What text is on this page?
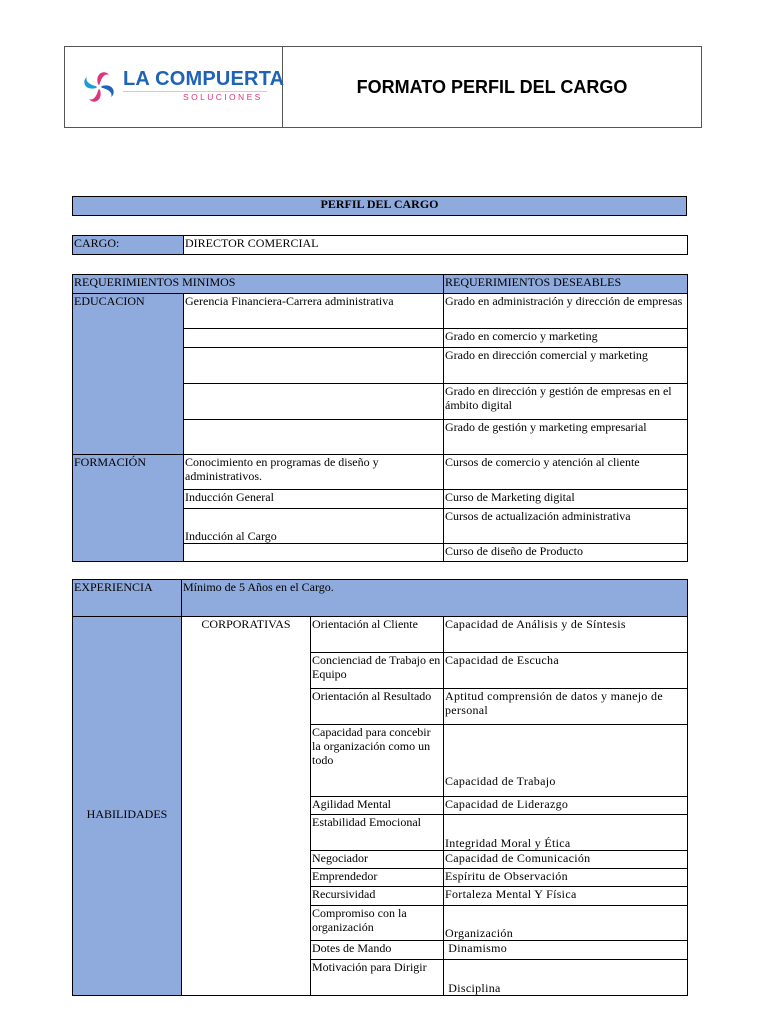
LA COMPUERTA
SOLUCIONES
FORMATO PERFIL DEL CARGO
PERFIL DEL CARGO
CARGO:	DIRECTOR COMERCIAL
REQUERIMIENTOS MINIMOS		REQUERIMIENTOS DESEABLES
EDUCACION	Gerencia Financiera-Carrera administrativa	Grado en administración y dirección de empresas
		Grado en comercio y marketing
		Grado en dirección comercial y marketing
		Grado en dirección y gestión de empresas en el ámbito digital
		Grado de gestión y marketing empresarial
FORMACIÓN	Conocimiento en programas de diseño y administrativos.	Cursos de comercio y atención al cliente
	Inducción General	Curso de Marketing digital
	Inducción al Cargo	Cursos de actualización administrativa
		Curso de diseño de Producto
EXPERIENCIA	Mínimo de 5 Años en el Cargo.		
HABILIDADES	CORPORATIVAS	Orientación al Cliente	Capacidad de Análisis y de Síntesis
		Concienciad de Trabajo en Equipo	Capacidad de Escucha
		Orientación al Resultado	Aptitud comprensión de datos y manejo de personal
		Capacidad para concebir la organización como un todo	Capacidad de Trabajo
		Agilidad Mental	Capacidad de Liderazgo
		Estabilidad Emocional	Integridad Moral y Ética
		Negociador	Capacidad de Comunicación
		Emprendedor	Espíritu de Observación
		Recursividad	Fortaleza Mental Y Física
		Compromiso con la organización	Organización
		Dotes de Mando	Dinamismo
		Motivación para Dirigir	Disciplina
